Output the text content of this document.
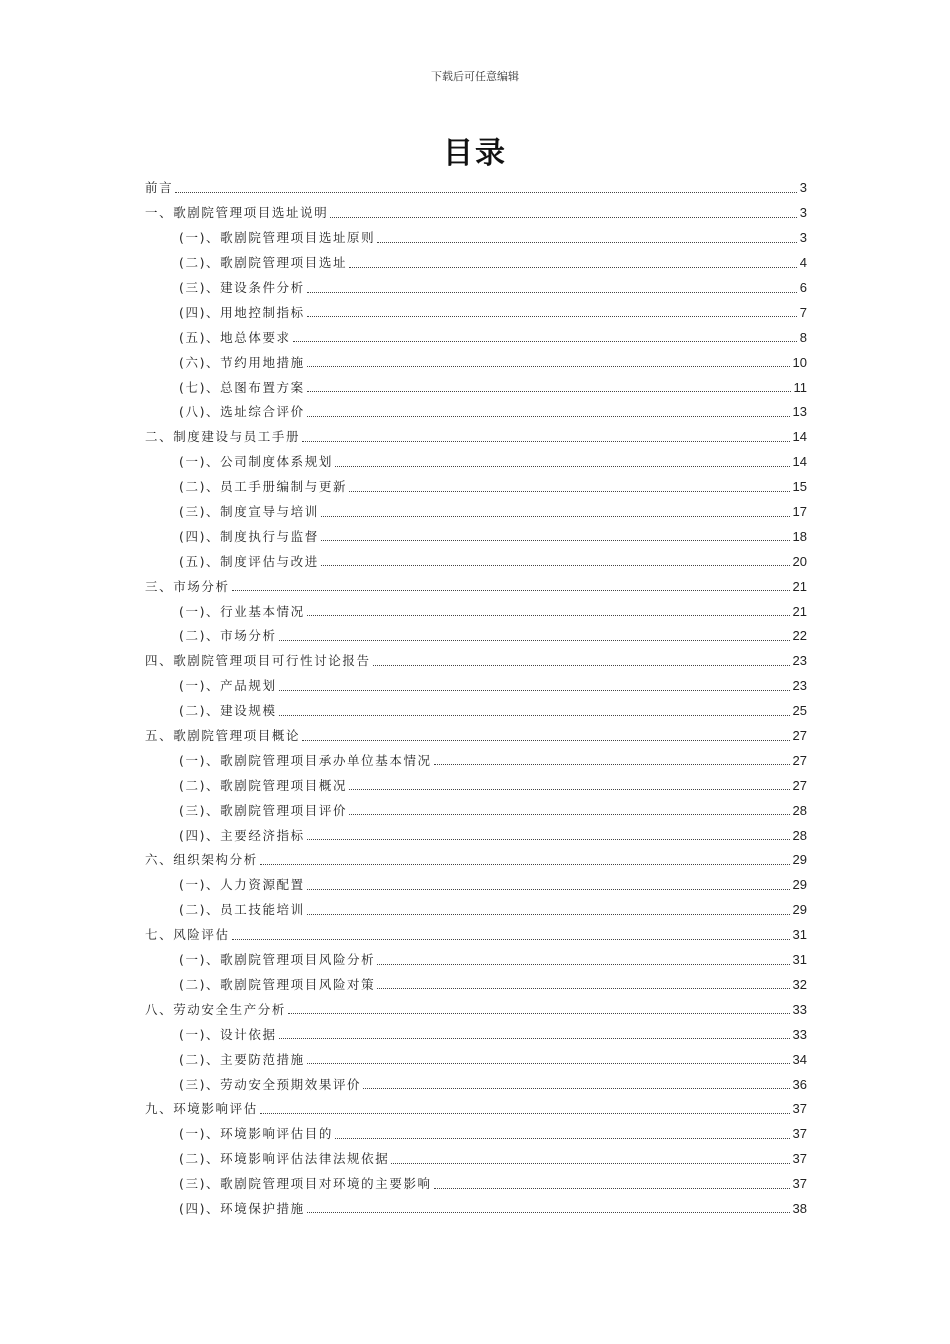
下载后可任意编辑
目录
前言	3
一、歌剧院管理项目选址说明	3
(一)、歌剧院管理项目选址原则	3
(二)、歌剧院管理项目选址	4
(三)、建设条件分析	6
(四)、用地控制指标	7
(五)、地总体要求	8
(六)、节约用地措施	10
(七)、总图布置方案	11
(八)、选址综合评价	13
二、制度建设与员工手册	14
(一)、公司制度体系规划	14
(二)、员工手册编制与更新	15
(三)、制度宣导与培训	17
(四)、制度执行与监督	18
(五)、制度评估与改进	20
三、市场分析	21
(一)、行业基本情况	21
(二)、市场分析	22
四、歌剧院管理项目可行性讨论报告	23
(一)、产品规划	23
(二)、建设规模	25
五、歌剧院管理项目概论	27
(一)、歌剧院管理项目承办单位基本情况	27
(二)、歌剧院管理项目概况	27
(三)、歌剧院管理项目评价	28
(四)、主要经济指标	28
六、组织架构分析	29
(一)、人力资源配置	29
(二)、员工技能培训	29
七、风险评估	31
(一)、歌剧院管理项目风险分析	31
(二)、歌剧院管理项目风险对策	32
八、劳动安全生产分析	33
(一)、设计依据	33
(二)、主要防范措施	34
(三)、劳动安全预期效果评价	36
九、环境影响评估	37
(一)、环境影响评估目的	37
(二)、环境影响评估法律法规依据	37
(三)、歌剧院管理项目对环境的主要影响	37
(四)、环境保护措施	38
